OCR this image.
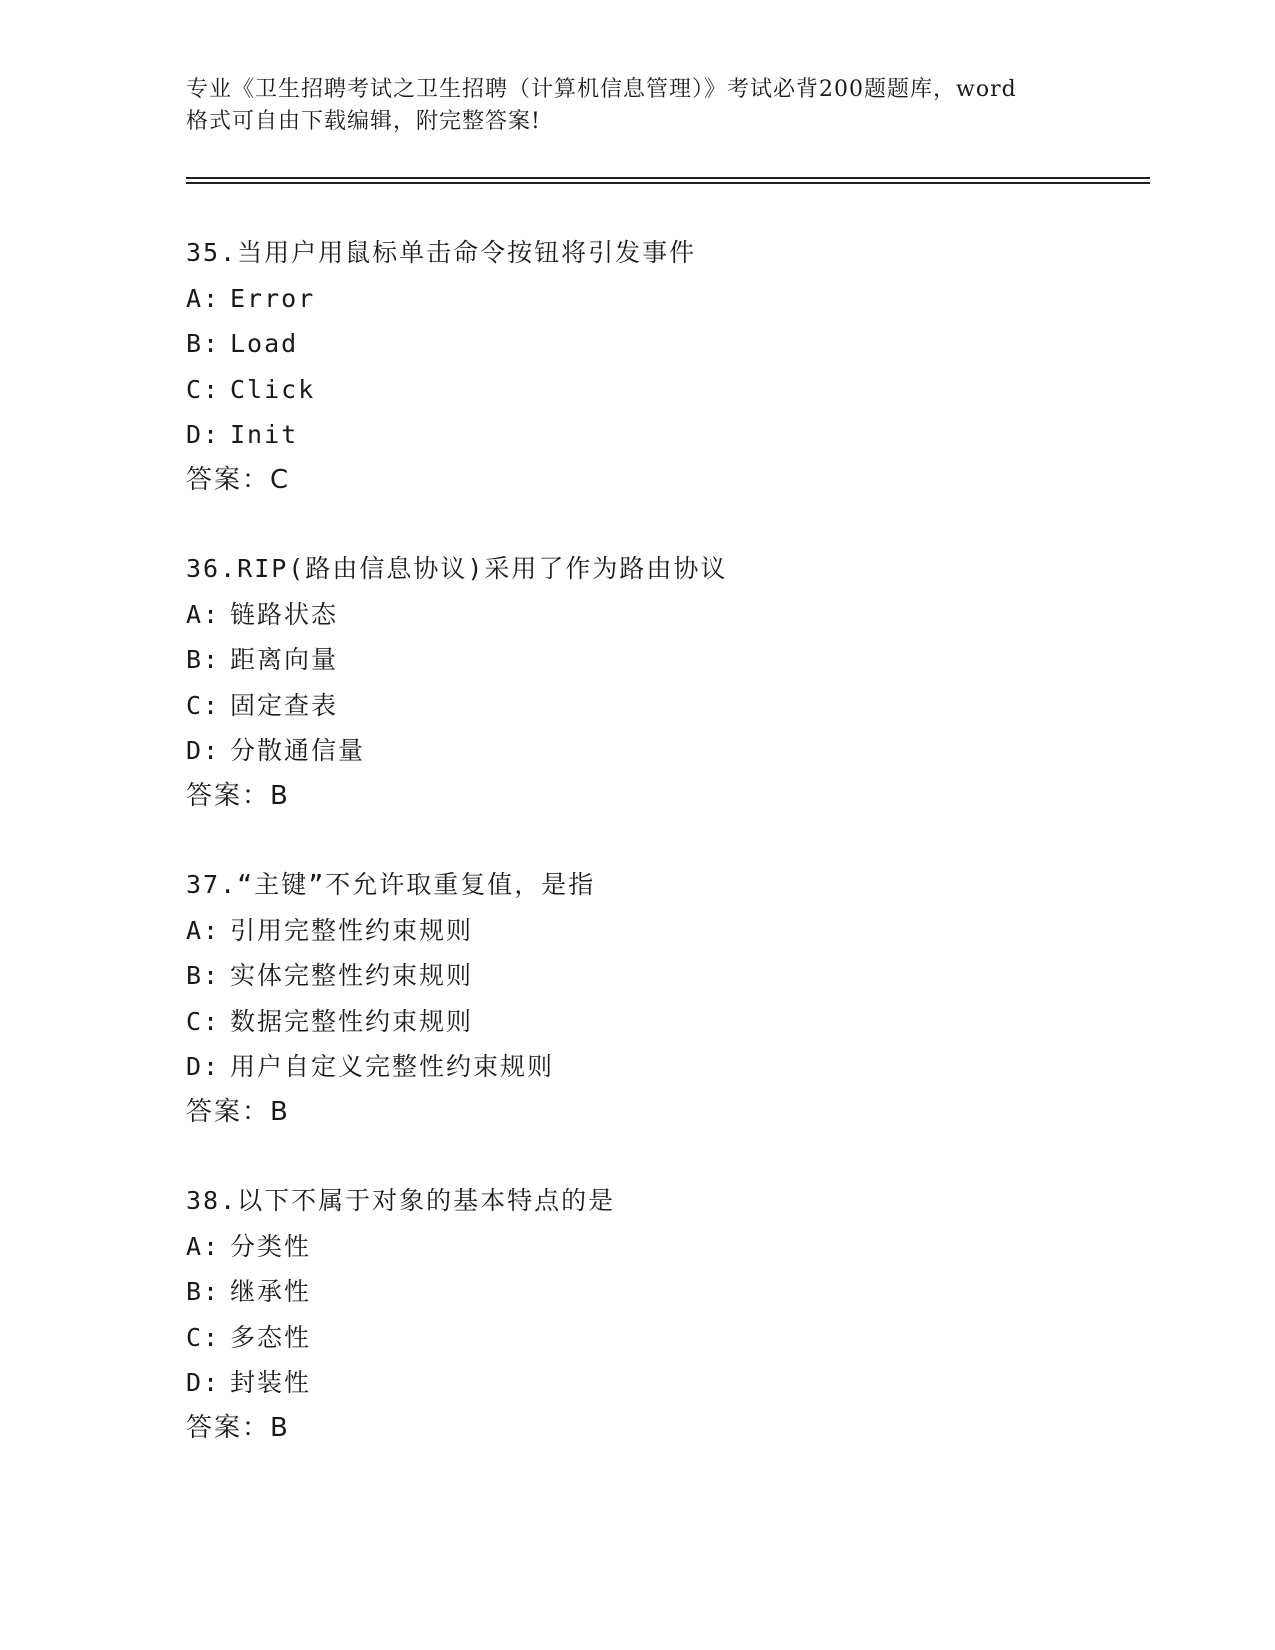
专业《卫生招聘考试之卫生招聘（计算机信息管理）》考试必背200题题库，word
格式可自由下载编辑，附完整答案!
35.当用户用鼠标单击命令按钮将引发事件
A: Error
B: Load
C: Click
D: Init
答案：C
36.RIP(路由信息协议)采用了作为路由协议
A: 链路状态
B: 距离向量
C: 固定查表
D: 分散通信量
答案：B
37.“主键”不允许取重复值，是指
A: 引用完整性约束规则
B: 实体完整性约束规则
C: 数据完整性约束规则
D: 用户自定义完整性约束规则
答案：B
38.以下不属于对象的基本特点的是
A: 分类性
B: 继承性
C: 多态性
D: 封装性
答案：B
